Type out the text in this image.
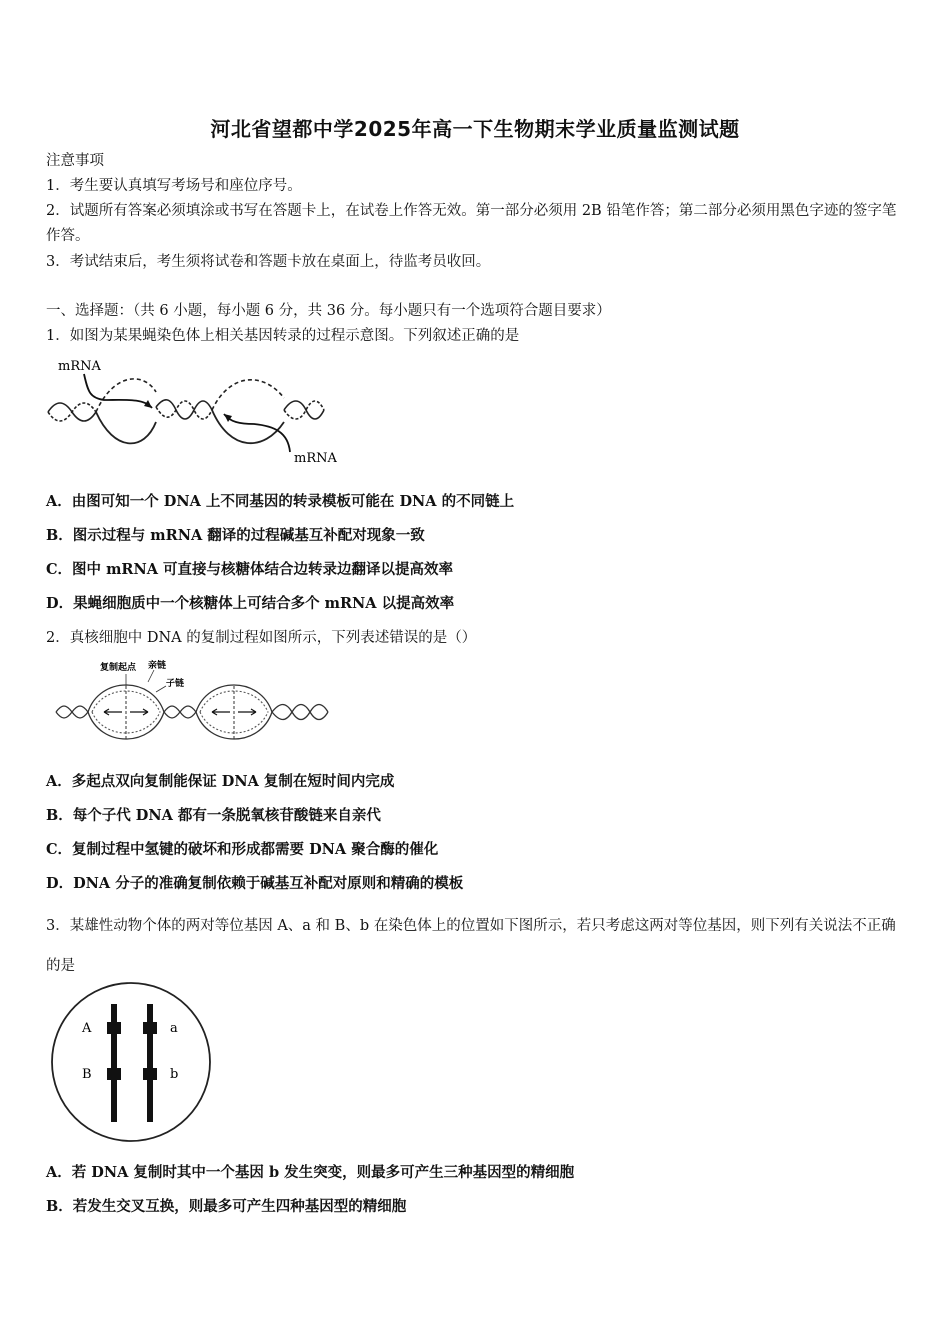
河北省望都中学2025年高一下生物期末学业质量监测试题
注意事项
1．考生要认真填写考场号和座位序号。
2．试题所有答案必须填涂或书写在答题卡上，在试卷上作答无效。第一部分必须用 2B 铅笔作答；第二部分必须用黑色字迹的签字笔作答。
3．考试结束后，考生须将试卷和答题卡放在桌面上，待监考员收回。
一、选择题：（共 6 小题，每小题 6 分，共 36 分。每小题只有一个选项符合题目要求）
1．如图为某果蝇染色体上相关基因转录的过程示意图。下列叙述正确的是
mRNA
mRNA
A．由图可知一个 DNA 上不同基因的转录模板可能在 DNA 的不同链上
B．图示过程与 mRNA 翻译的过程碱基互补配对现象一致
C．图中 mRNA 可直接与核糖体结合边转录边翻译以提高效率
D．果蝇细胞质中一个核糖体上可结合多个 mRNA 以提高效率
2．真核细胞中 DNA 的复制过程如图所示，下列表述错误的是（）
复制起点 亲链
子链
A．多起点双向复制能保证 DNA 复制在短时间内完成
B．每个子代 DNA 都有一条脱氧核苷酸链来自亲代
C．复制过程中氢键的破坏和形成都需要 DNA 聚合酶的催化
D．DNA 分子的准确复制依赖于碱基互补配对原则和精确的模板
3．某雄性动物个体的两对等位基因 A、a 和 B、b 在染色体上的位置如下图所示，若只考虑这两对等位基因，则下列有关说法不正确的是
A	a
B	b
A．若 DNA 复制时其中一个基因 b 发生突变，则最多可产生三种基因型的精细胞
B．若发生交叉互换，则最多可产生四种基因型的精细胞
